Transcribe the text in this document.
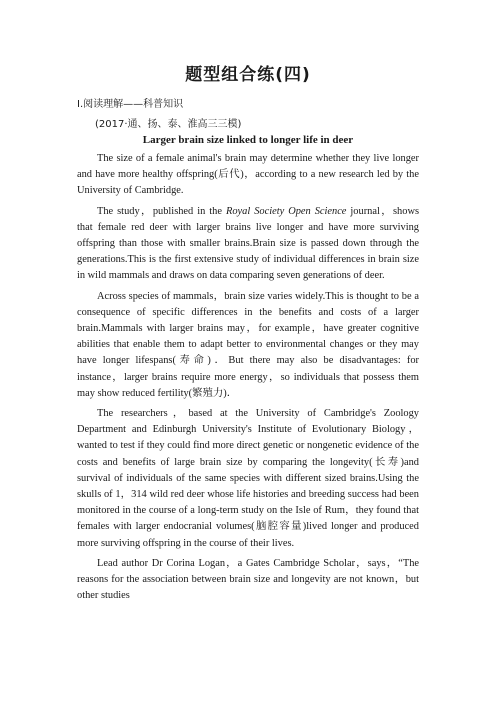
题型组合练(四)
Ⅰ.阅读理解——科普知识
(2017·通、扬、泰、淮高三三模)
Larger brain size linked to longer life in deer

The size of a female animal's brain may determine whether they live longer and have more healthy offspring(后代)，according to a new research led by the University of Cambridge.

The study，published in the Royal Society Open Science journal，shows that female red deer with larger brains live longer and have more surviving offspring than those with smaller brains.Brain size is passed down through the generations.This is the first extensive study of individual differences in brain size in wild mammals and draws on data comparing seven generations of deer.

Across species of mammals，brain size varies widely.This is thought to be a consequence of specific differences in the benefits and costs of a larger brain.Mammals with larger brains may，for example，have greater cognitive abilities that enable them to adapt better to environmental changes or they may have longer lifespans(寿命)．But there may also be disadvantages: for instance，larger brains require more energy，so individuals that possess them may show reduced fertility(繁殖力)．

The researchers，based at the University of Cambridge's Zoology Department and Edinburgh University's Institute of Evolutionary Biology，wanted to test if they could find more direct genetic or nongenetic evidence of the costs and benefits of large brain size by comparing the longevity(长寿)and survival of individuals of the same species with different sized brains.Using the skulls of 1，314 wild red deer whose life histories and breeding success had been monitored in the course of a long-term study on the Isle of Rum，they found that females with larger endocranial volumes(脑腔容量)lived longer and produced more surviving offspring in the course of their lives.

Lead author Dr Corina Logan，a Gates Cambridge Scholar，says，“The reasons for the association between brain size and longevity are not known，but other studies
